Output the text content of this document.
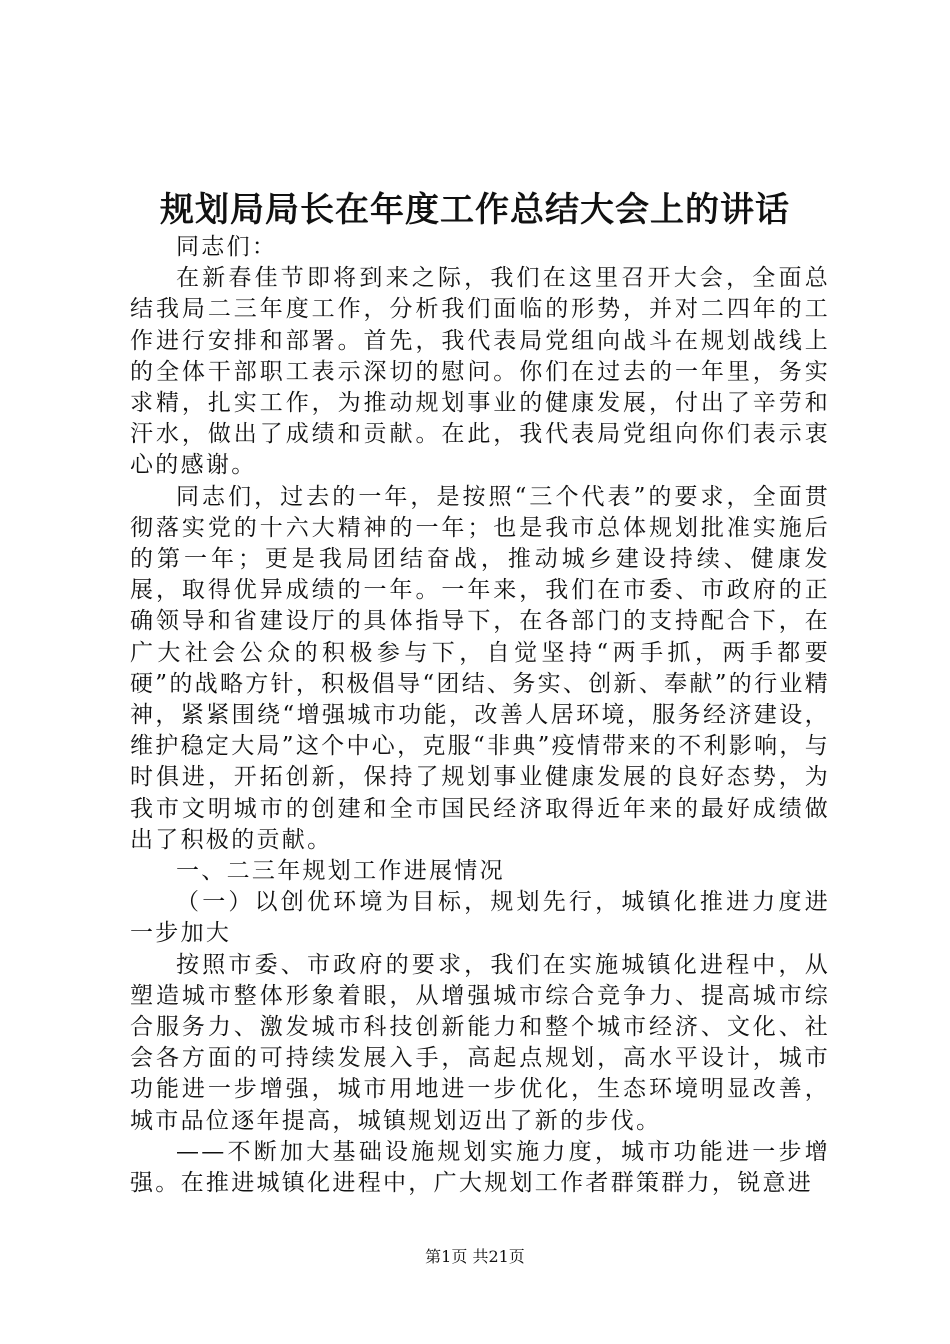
规划局局长在年度工作总结大会上的讲话

同志们：

在新春佳节即将到来之际，我们在这里召开大会，全面总结我局二三年度工作，分析我们面临的形势，并对二四年的工作进行安排和部署。首先，我代表局党组向战斗在规划战线上的全体干部职工表示深切的慰问。你们在过去的一年里，务实求精，扎实工作，为推动规划事业的健康发展，付出了辛劳和汗水，做出了成绩和贡献。在此，我代表局党组向你们表示衷心的感谢。

同志们，过去的一年，是按照“三个代表”的要求，全面贯彻落实党的十六大精神的一年；也是我市总体规划批准实施后的第一年；更是我局团结奋战，推动城乡建设持续、健康发展，取得优异成绩的一年。一年来，我们在市委、市政府的正确领导和省建设厅的具体指导下，在各部门的支持配合下，在广大社会公众的积极参与下，自觉坚持“两手抓，两手都要硬”的战略方针，积极倡导“团结、务实、创新、奉献”的行业精神，紧紧围绕“增强城市功能，改善人居环境，服务经济建设，维护稳定大局”这个中心，克服“非典”疫情带来的不利影响，与时俱进，开拓创新，保持了规划事业健康发展的良好态势，为我市文明城市的创建和全市国民经济取得近年来的最好成绩做出了积极的贡献。

一、二三年规划工作进展情况

（一）以创优环境为目标，规划先行，城镇化推进力度进一步加大

按照市委、市政府的要求，我们在实施城镇化进程中，从塑造城市整体形象着眼，从增强城市综合竞争力、提高城市综合服务力、激发城市科技创新能力和整个城市经济、文化、社会各方面的可持续发展入手，高起点规划，高水平设计，城市功能进一步增强，城市用地进一步优化，生态环境明显改善，城市品位逐年提高，城镇规划迈出了新的步伐。

——不断加大基础设施规划实施力度，城市功能进一步增强。在推进城镇化进程中，广大规划工作者群策群力，锐意进

第1页 共21页
